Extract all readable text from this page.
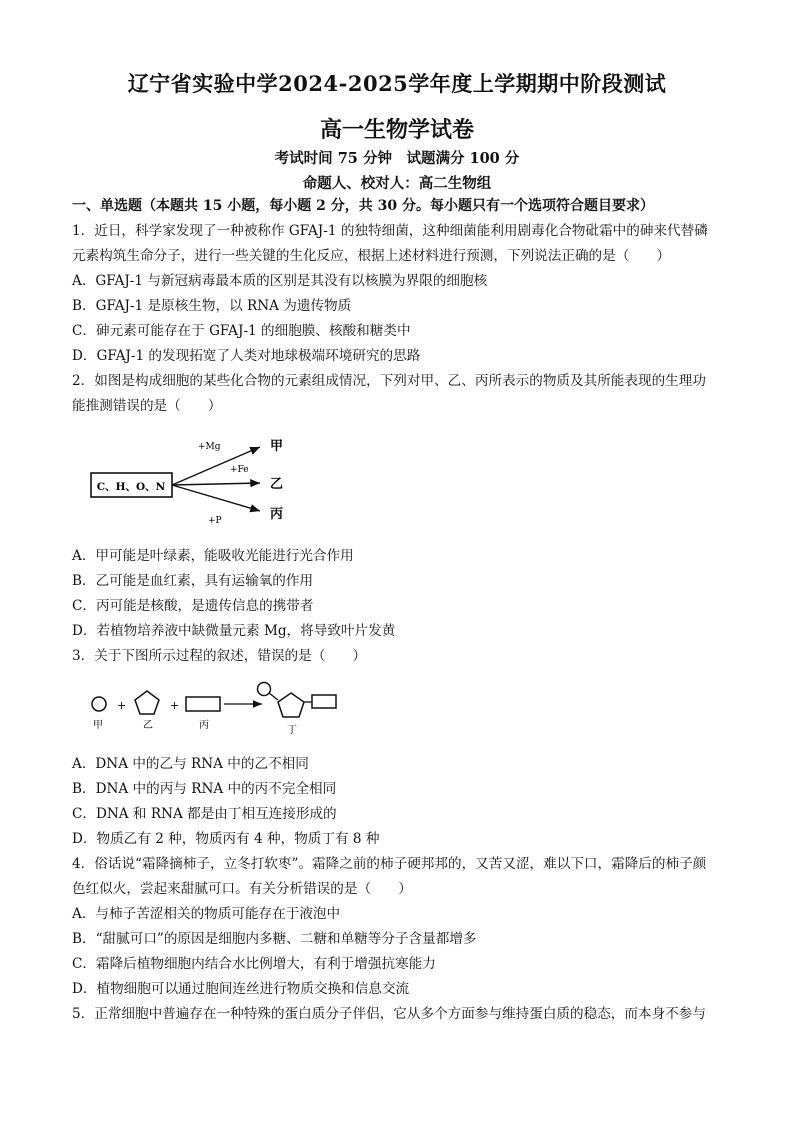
辽宁省实验中学2024-2025学年度上学期期中阶段测试
高一生物学试卷
考试时间 75 分钟　试题满分 100 分
命题人、校对人：高二生物组
一、单选题（本题共 15 小题，每小题 2 分，共 30 分。每小题只有一个选项符合题目要求）
1．近日，科学家发现了一种被称作 GFAJ-1 的独特细菌，这种细菌能利用剧毒化合物砒霜中的砷来代替磷
元素构筑生命分子，进行一些关键的生化反应，根据上述材料进行预测，下列说法正确的是（　　）
A．GFAJ-1 与新冠病毒最本质的区别是其没有以核膜为界限的细胞核
B．GFAJ-1 是原核生物，以 RNA 为遗传物质
C．砷元素可能存在于 GFAJ-1 的细胞膜、核酸和糖类中
D．GFAJ-1 的发现拓宽了人类对地球极端环境研究的思路
2．如图是构成细胞的某些化合物的元素组成情况，下列对甲、乙、丙所表示的物质及其所能表现的生理功
能推测错误的是（　　）
C、H、O、N
+Mg
+Fe
+P
甲
乙
丙
A．甲可能是叶绿素，能吸收光能进行光合作用
B．乙可能是血红素，具有运输氧的作用
C．丙可能是核酸，是遗传信息的携带者
D．若植物培养液中缺微量元素 Mg，将导致叶片发黄
3．关于下图所示过程的叙述，错误的是（　　）
甲
+
乙
+
丙	丁
A．DNA 中的乙与 RNA 中的乙不相同
B．DNA 中的丙与 RNA 中的丙不完全相同
C．DNA 和 RNA 都是由丁相互连接形成的
D．物质乙有 2 种，物质丙有 4 种，物质丁有 8 种
4．俗话说“霜降摘柿子，立冬打软枣”。霜降之前的柿子硬邦邦的，又苦又涩，难以下口，霜降后的柿子颜
色红似火，尝起来甜腻可口。有关分析错误的是（　　）
A．与柿子苦涩相关的物质可能存在于液泡中
B．“甜腻可口”的原因是细胞内多糖、二糖和单糖等分子含量都增多
C．霜降后植物细胞内结合水比例增大，有利于增强抗寒能力
D．植物细胞可以通过胞间连丝进行物质交换和信息交流
5．正常细胞中普遍存在一种特殊的蛋白质分子伴侣，它从多个方面参与维持蛋白质的稳态，而本身不参与
